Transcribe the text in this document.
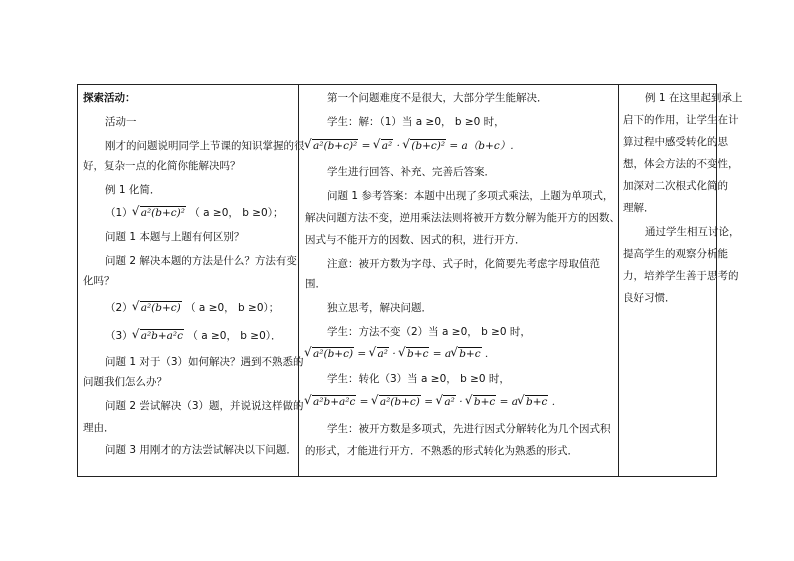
探索活动：
活动一
刚才的问题说明同学上节课的知识掌握的很
好，复杂一点的化简你能解决吗？
例 1 化简．
（1） √ a²(b+c)² （ a ≥0， b ≥0）；
问题 1 本题与上题有何区别？
问题 2 解决本题的方法是什么？方法有变
化吗？
（2） √ a²(b+c) （ a ≥0， b ≥0）；
（3） √ a²b+a²c （ a ≥0， b ≥0）．
问题 1 对于（3）如何解决？遇到不熟悉的
问题我们怎么办？
问题 2 尝试解决（3）题，并说说这样做的
理由．
问题 3 用刚才的方法尝试解决以下问题．
第一个问题难度不是很大，大部分学生能解决．
学生：解：（1）当 a ≥0， b ≥0 时，
√ a²(b+c)² = √ a² · √ (b+c)² = a（b+c）.
学生进行回答、补充、完善后答案．
问题 1 参考答案：本题中出现了多项式乘法，上题为单项式，
解决问题方法不变，逆用乘法法则将被开方数分解为能开方的因数、
因式与不能开方的因数、因式的积，进行开方．
注意：被开方数为字母、式子时，化简要先考虑字母取值范
围．
独立思考，解决问题．
学生：方法不变（2）当 a ≥0， b ≥0 时，
√ a²(b+c) = √ a² · √ b+c = a √ b+c .
学生：转化（3）当 a ≥0， b ≥0 时，
√ a²b+a²c = √ a²(b+c) = √ a² · √ b+c = a √ b+c .
学生：被开方数是多项式，先进行因式分解转化为几个因式积
的形式，才能进行开方．不熟悉的形式转化为熟悉的形式．
例 1 在这里起到承上
启下的作用，让学生在计
算过程中感受转化的思
想，体会方法的不变性，
加深对二次根式化简的
理解．
通过学生相互讨论，
提高学生的观察分析能
力，培养学生善于思考的
良好习惯．
